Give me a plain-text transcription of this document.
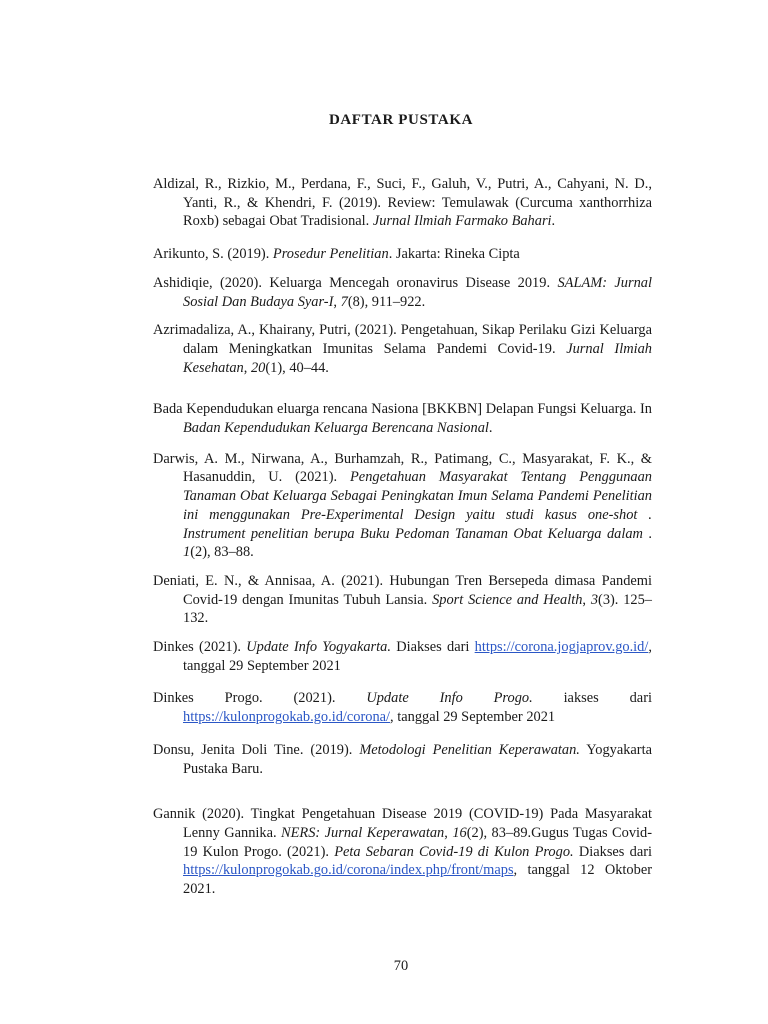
DAFTAR PUSTAKA

Aldizal, R., Rizkio, M., Perdana, F., Suci, F., Galuh, V., Putri, A., Cahyani, N. D., Yanti, R., & Khendri, F. (2019). Review: Temulawak (Curcuma xanthorrhiza Roxb) sebagai Obat Tradisional. Jurnal Ilmiah Farmako Bahari.

Arikunto, S. (2019). Prosedur Penelitian. Jakarta: Rineka Cipta

Ashidiqie, (2020). Keluarga Mencegah oronavirus Disease 2019. SALAM: Jurnal Sosial Dan Budaya Syar-I, 7(8), 911–922.

Azrimadaliza, A., Khairany, Putri, (2021). Pengetahuan, Sikap Perilaku Gizi Keluarga dalam Meningkatkan Imunitas Selama Pandemi Covid-19. Jurnal Ilmiah Kesehatan, 20(1), 40–44.

Bada Kependudukan eluarga rencana Nasiona [BKKBN] Delapan Fungsi Keluarga. In Badan Kependudukan Keluarga Berencana Nasional.

Darwis, A. M., Nirwana, A., Burhamzah, R., Patimang, C., Masyarakat, F. K., & Hasanuddin, U. (2021). Pengetahuan Masyarakat Tentang Penggunaan Tanaman Obat Keluarga Sebagai Peningkatan Imun Selama Pandemi Penelitian ini menggunakan Pre-Experimental Design yaitu studi kasus one-shot . Instrument penelitian berupa Buku Pedoman Tanaman Obat Keluarga dalam . 1(2), 83–88.

Deniati, E. N., & Annisaa, A. (2021). Hubungan Tren Bersepeda dimasa Pandemi Covid-19 dengan Imunitas Tubuh Lansia. Sport Science and Health, 3(3). 125–132.

Dinkes (2021). Update Info Yogyakarta. Diakses dari https://corona.jogjaprov.go.id/, tanggal 29 September 2021

Dinkes Progo. (2021). Update Info Progo. iakses dari https://kulonprogokab.go.id/corona/, tanggal 29 September 2021

Donsu, Jenita Doli Tine. (2019). Metodologi Penelitian Keperawatan. Yogyakarta Pustaka Baru.

Gannik (2020). Tingkat Pengetahuan Disease 2019 (COVID-19) Pada Masyarakat Lenny Gannika. NERS: Jurnal Keperawatan, 16(2), 83–89.Gugus Tugas Covid-19 Kulon Progo. (2021). Peta Sebaran Covid-19 di Kulon Progo. Diakses dari https://kulonprogokab.go.id/corona/index.php/front/maps, tanggal 12 Oktober 2021.

70
